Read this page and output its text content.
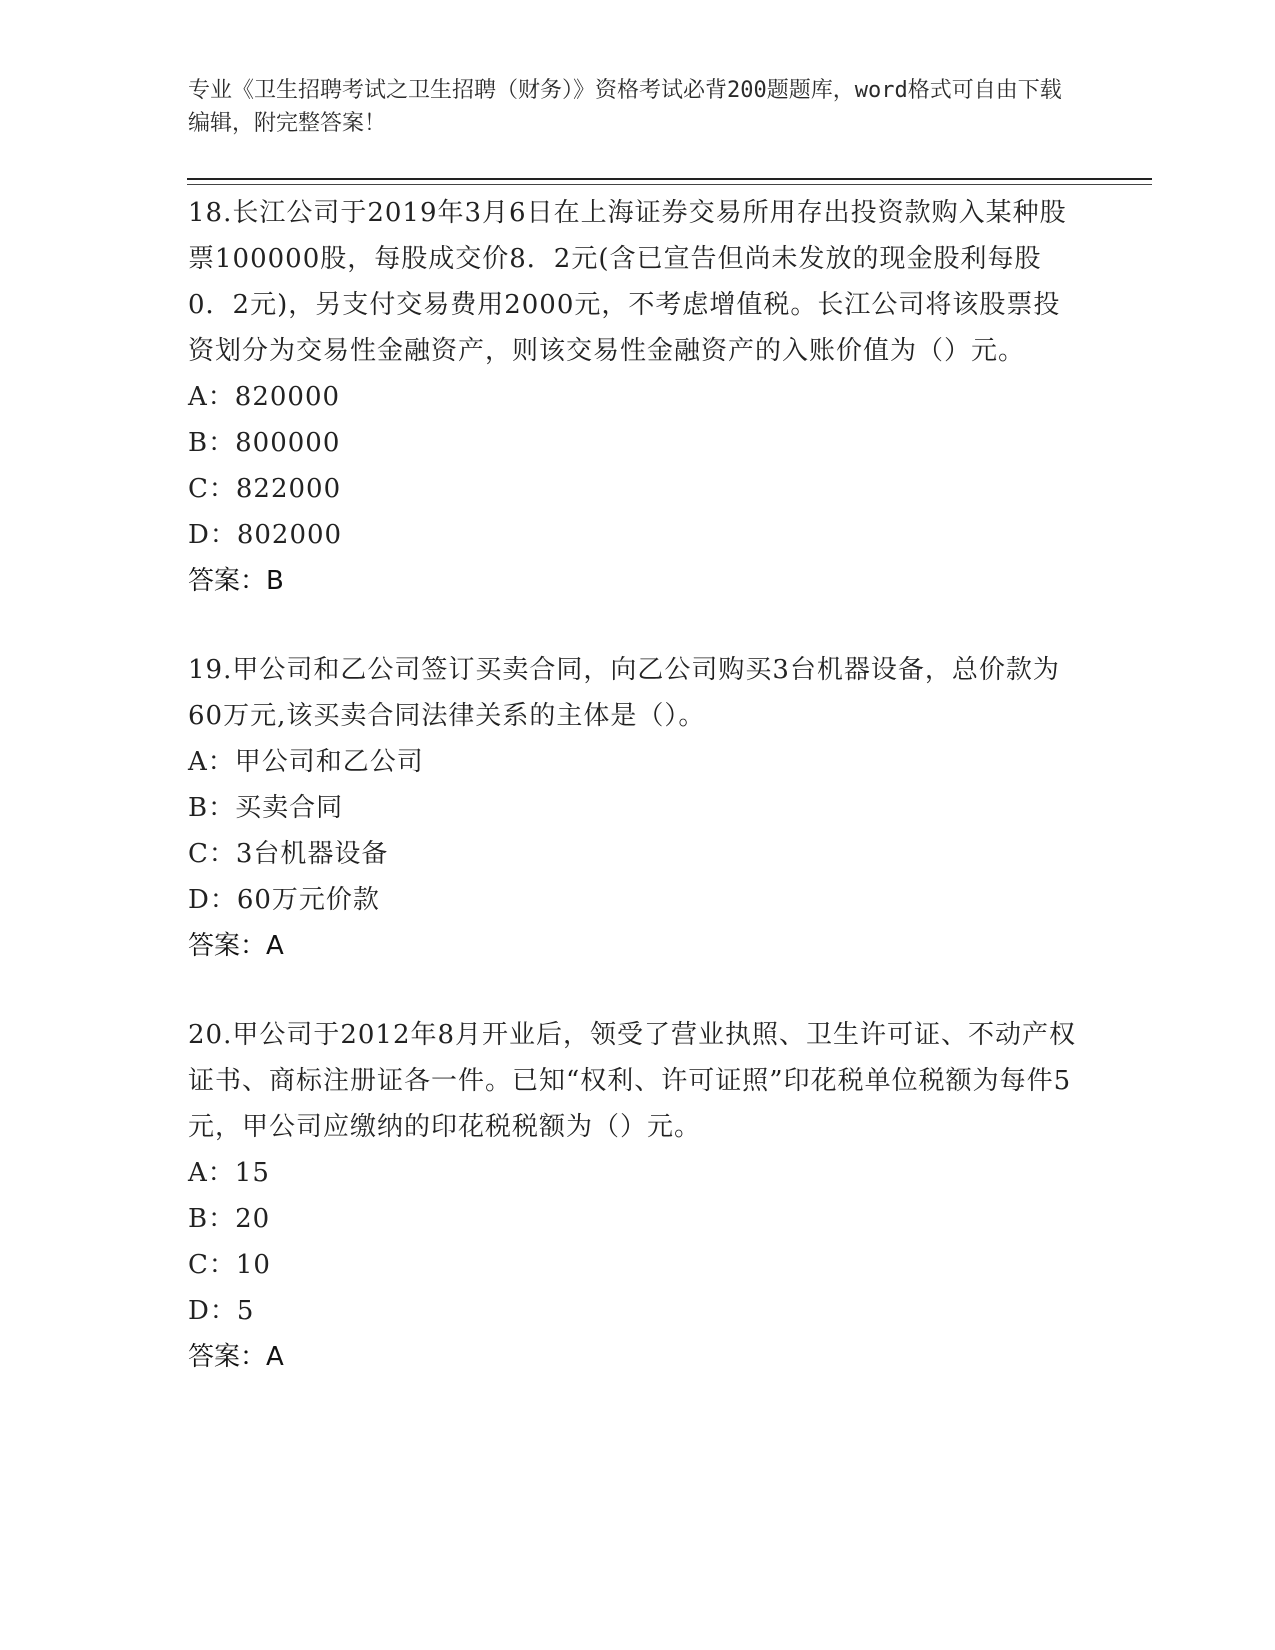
专业《卫生招聘考试之卫生招聘（财务）》资格考试必背200题题库，word格式可自由下载编辑，附完整答案！

18.长江公司于2019年3月6日在上海证券交易所用存出投资款购入某种股票100000股，每股成交价8．2元(含已宣告但尚未发放的现金股利每股0．2元)，另支付交易费用2000元，不考虑增值税。长江公司将该股票投资划分为交易性金融资产，则该交易性金融资产的入账价值为（）元。

A：820000
B：800000
C：822000
D：802000
答案：B

19.甲公司和乙公司签订买卖合同，向乙公司购买3台机器设备，总价款为60万元,该买卖合同法律关系的主体是（）。

A：甲公司和乙公司
B：买卖合同
C：3台机器设备
D：60万元价款
答案：A

20.甲公司于2012年8月开业后，领受了营业执照、卫生许可证、不动产权证书、商标注册证各一件。已知“权利、许可证照”印花税单位税额为每件5元，甲公司应缴纳的印花税税额为（）元。

A：15
B：20
C：10
D：5
答案：A
